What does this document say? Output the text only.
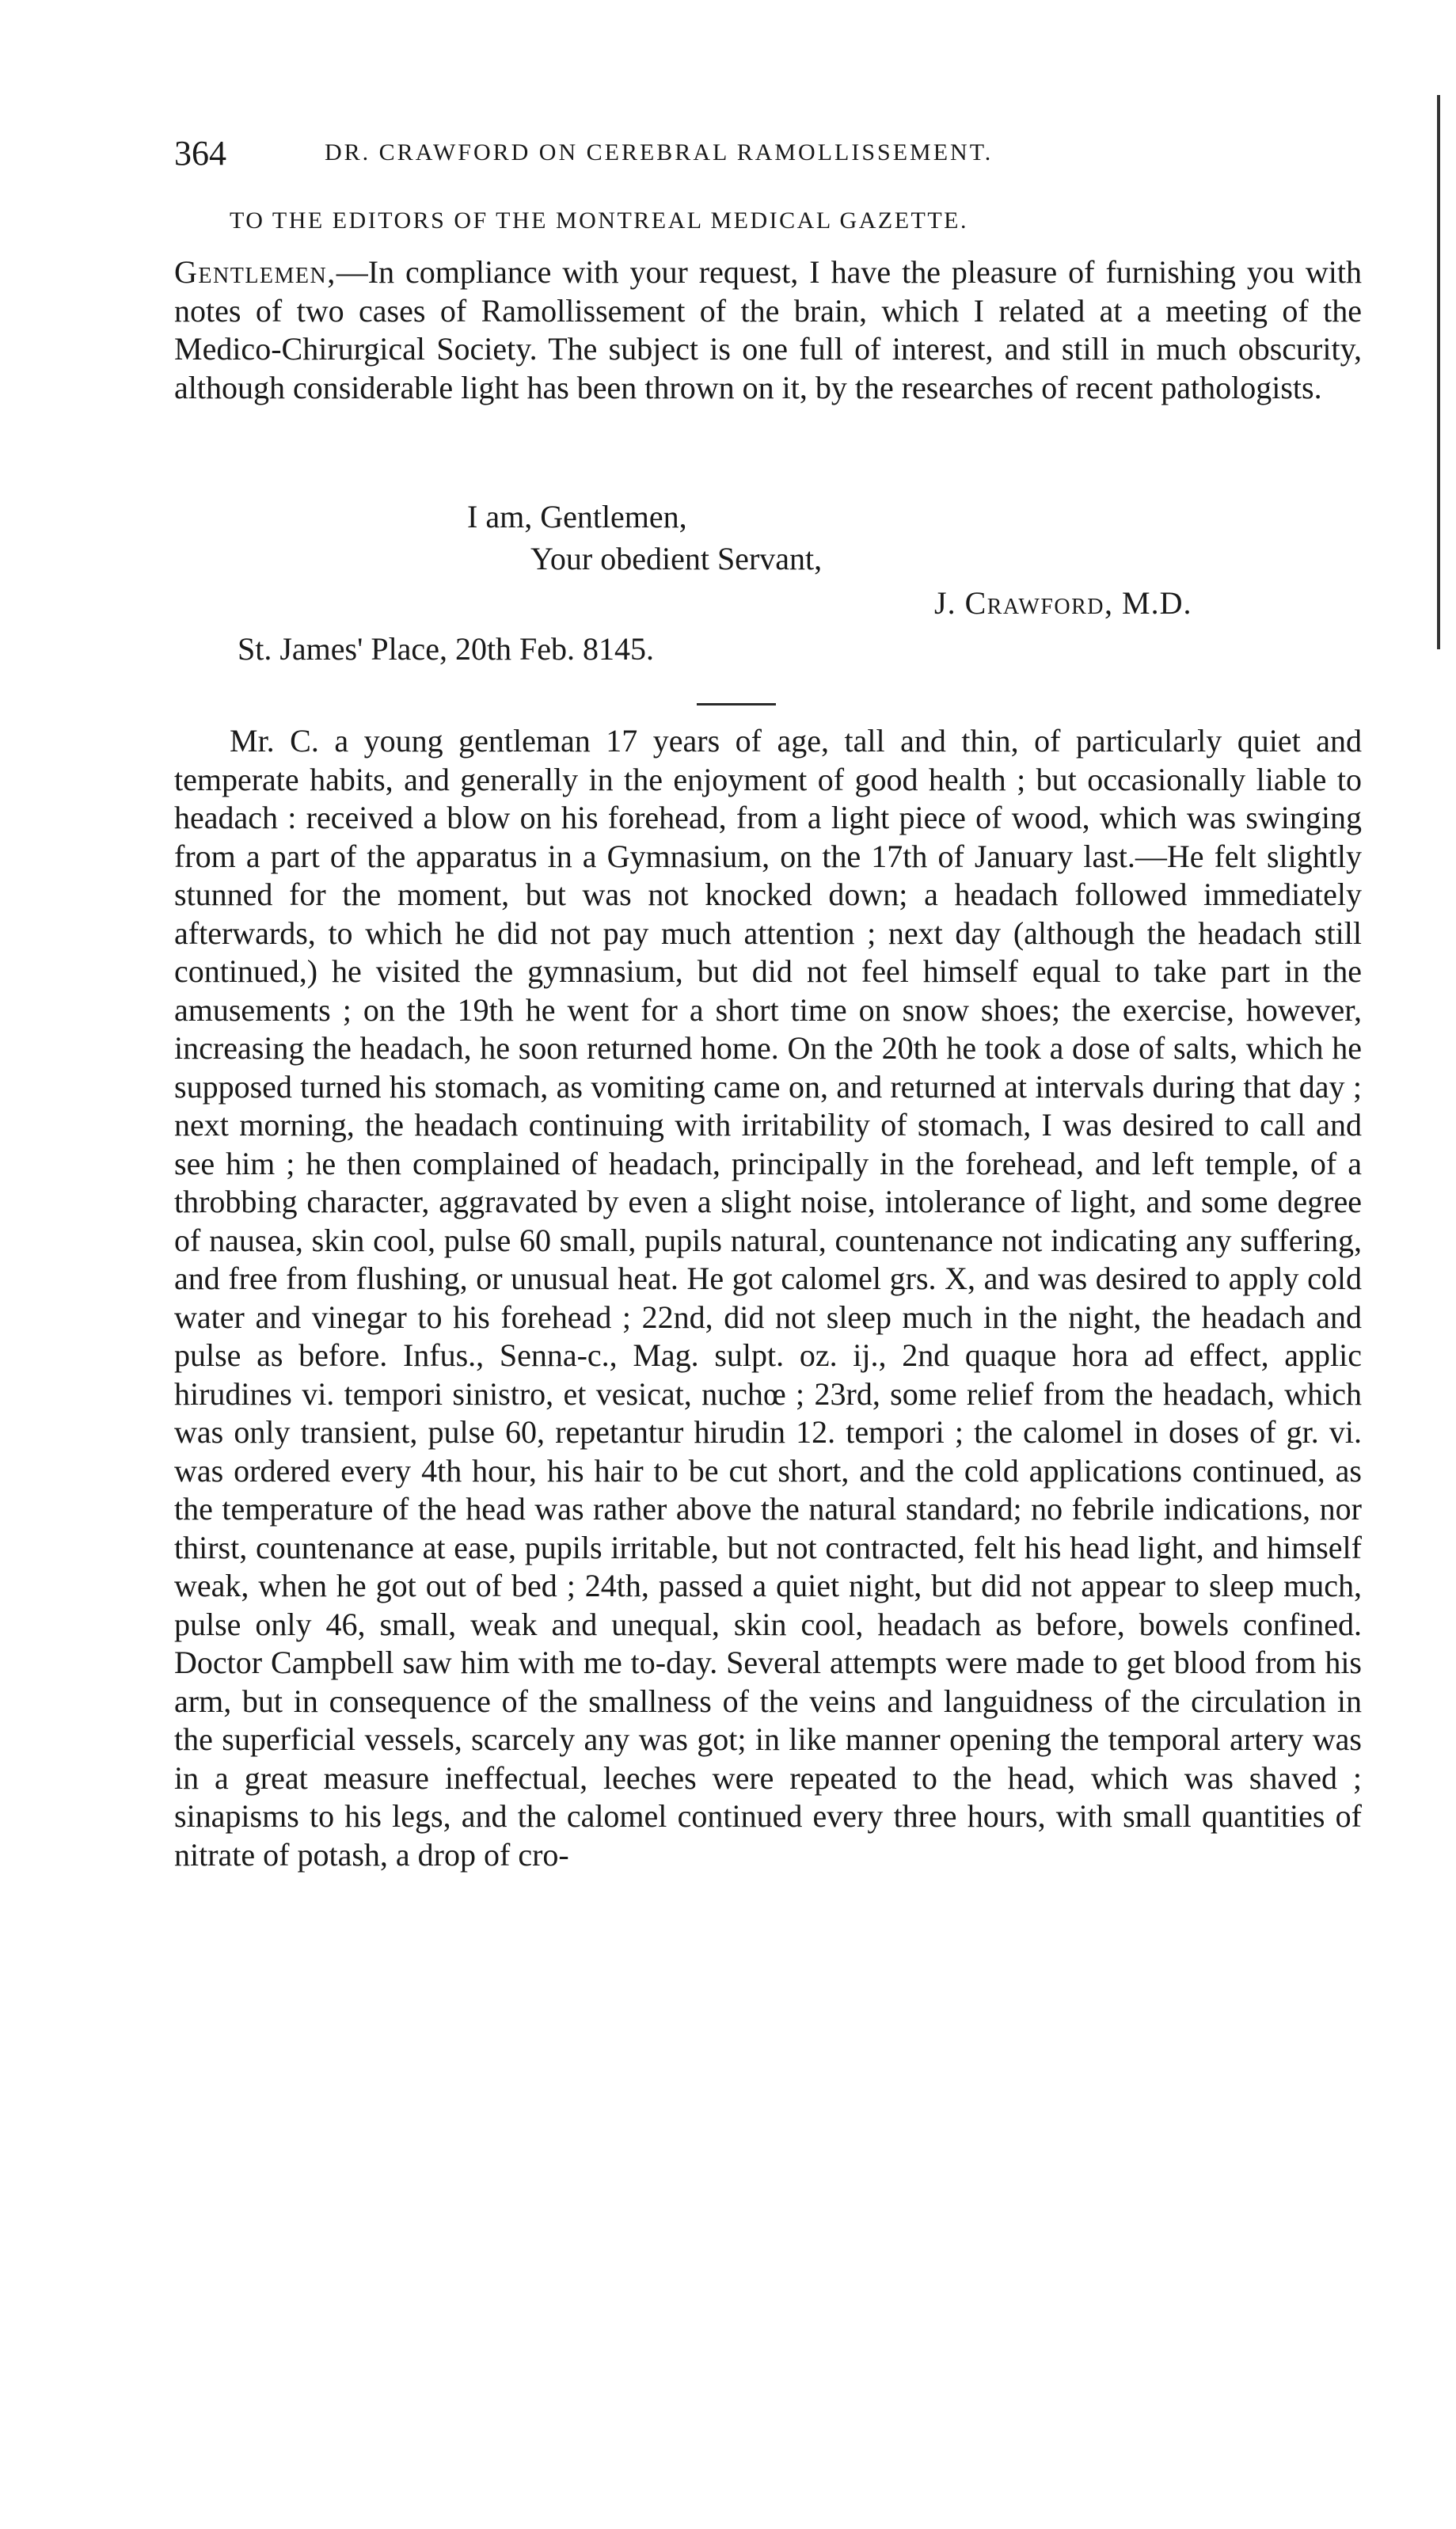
364	DR. CRAWFORD ON CEREBRAL RAMOLLISSEMENT.
TO THE EDITORS OF THE MONTREAL MEDICAL GAZETTE.

Gentlemen,—In compliance with your request, I have the pleasure of furnishing you with notes of two cases of Ramollissement of the brain, which I related at a meeting of the Medico-Chirurgical Society. The subject is one full of interest, and still in much obscurity, although considerable light has been thrown on it, by the researches of recent pathologists.

I am, Gentlemen,
Your obedient Servant,
J. Crawford, M.D.
St. James' Place, 20th Feb. 8145.

Mr. C. a young gentleman 17 years of age, tall and thin, of particularly quiet and temperate habits, and generally in the enjoyment of good health ; but occasionally liable to headach : received a blow on his forehead, from a light piece of wood, which was swinging from a part of the apparatus in a Gymnasium, on the 17th of January last.—He felt slightly stunned for the moment, but was not knocked down; a headach followed immediately afterwards, to which he did not pay much attention ; next day (although the headach still continued,) he visited the gymnasium, but did not feel himself equal to take part in the amusements ; on the 19th he went for a short time on snow shoes; the exercise, however, increasing the headach, he soon returned home. On the 20th he took a dose of salts, which he supposed turned his stomach, as vomiting came on, and returned at intervals during that day ; next morning, the headach continuing with irritability of stomach, I was desired to call and see him ; he then complained of headach, principally in the forehead, and left temple, of a throbbing character, aggravated by even a slight noise, intolerance of light, and some degree of nausea, skin cool, pulse 60 small, pupils natural, countenance not indicating any suffering, and free from flushing, or unusual heat. He got calomel grs. X, and was desired to apply cold water and vinegar to his forehead ; 22nd, did not sleep much in the night, the headach and pulse as before. Infus., Senna-c., Mag. sulpt. oz. ij., 2nd quaque hora ad effect, applic hirudines vi. tempori sinistro, et vesicat, nuchœ ; 23rd, some relief from the headach, which was only transient, pulse 60, repetantur hirudin 12. tempori ; the calomel in doses of gr. vi. was ordered every 4th hour, his hair to be cut short, and the cold applications continued, as the temperature of the head was rather above the natural standard; no febrile indications, nor thirst, countenance at ease, pupils irritable, but not contracted, felt his head light, and himself weak, when he got out of bed ; 24th, passed a quiet night, but did not appear to sleep much, pulse only 46, small, weak and unequal, skin cool, headach as before, bowels confined. Doctor Campbell saw him with me to-day. Several attempts were made to get blood from his arm, but in consequence of the smallness of the veins and languidness of the circulation in the superficial vessels, scarcely any was got; in like manner opening the temporal artery was in a great measure ineffectual, leeches were repeated to the head, which was shaved ; sinapisms to his legs, and the calomel continued every three hours, with small quantities of nitrate of potash, a drop of cro-
